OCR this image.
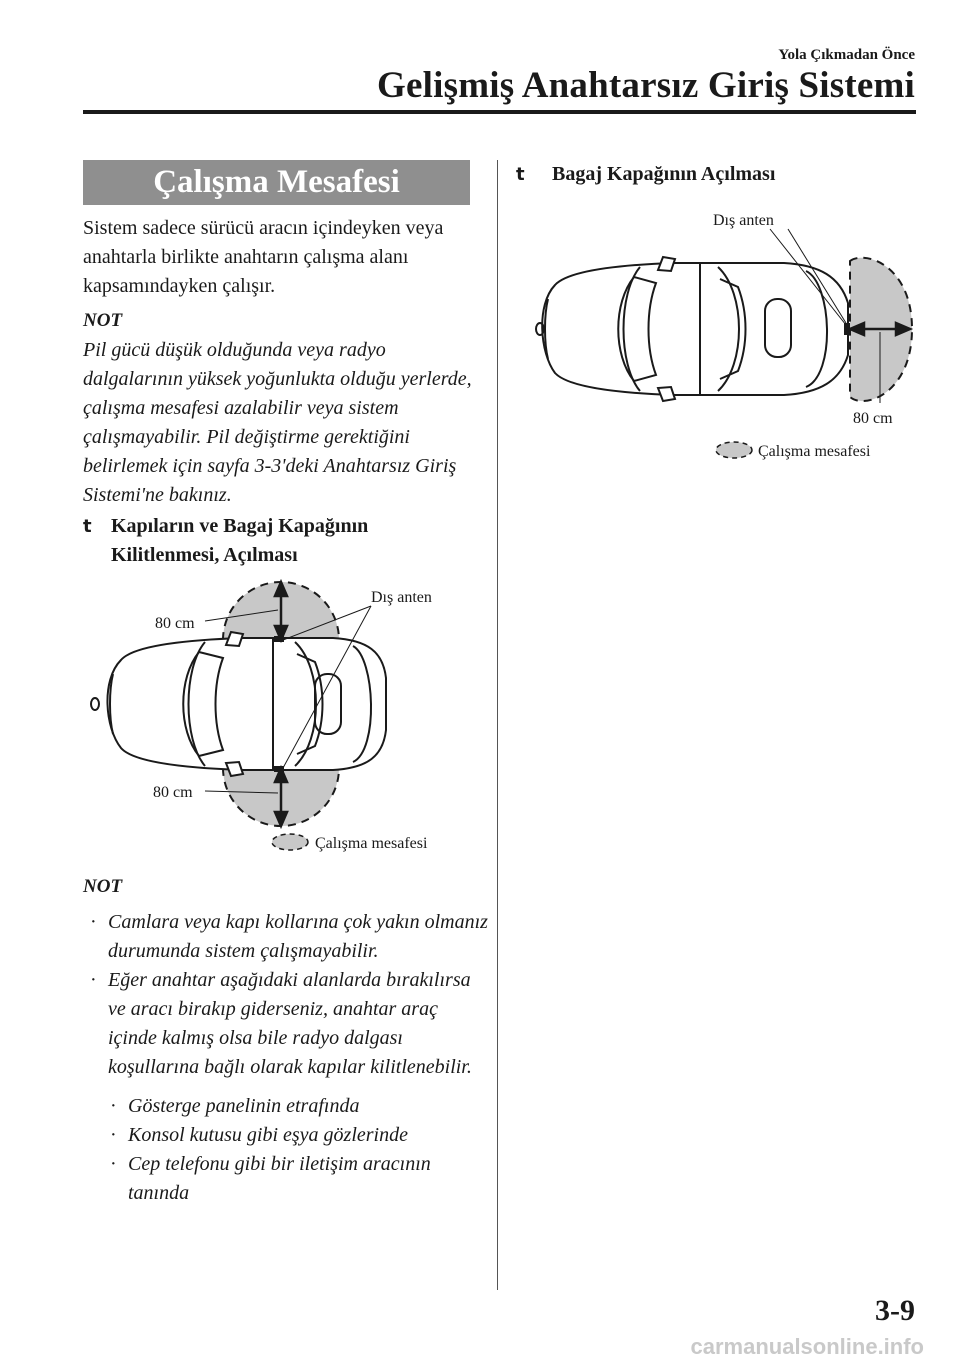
Yola Çıkmadan Önce
Gelişmiş Anahtarsız Giriş Sistemi
Çalışma Mesafesi
Sistem sadece sürücü aracın içindeyken veya anahtarla birlikte anahtarın çalışma alanı kapsamındayken çalışır.
NOT
Pil gücü düşük olduğunda veya radyo dalgalarının yüksek yoğunlukta olduğu yerlerde, çalışma mesafesi azalabilir veya sistem çalışmayabilir. Pil değiştirme gerektiğini belirlemek için sayfa 3-3'deki Anahtarsız Giriş Sistemi'ne bakınız.
t Kapıların ve Bagaj Kapağının
Kilitlenmesi, Açılması
Dış anten
80 cm
80 cm
Çalışma mesafesi
NOT
· Camlara veya kapı kollarına çok yakın olmanız durumunda sistem çalışmayabilir.
· Eğer anahtar aşağıdaki alanlarda bırakılırsa ve aracı birakıp giderseniz, anahtar araç içinde kalmış olsa bile radyo dalgası koşullarına bağlı olarak kapılar kilitlenebilir.
· Gösterge panelinin etrafında
· Konsol kutusu gibi eşya gözlerinde
· Cep telefonu gibi bir iletişim aracının tanında
t Bagaj Kapağının Açılması
Dış anten
80 cm
Çalışma mesafesi
3-9
carmanualsonline.info
